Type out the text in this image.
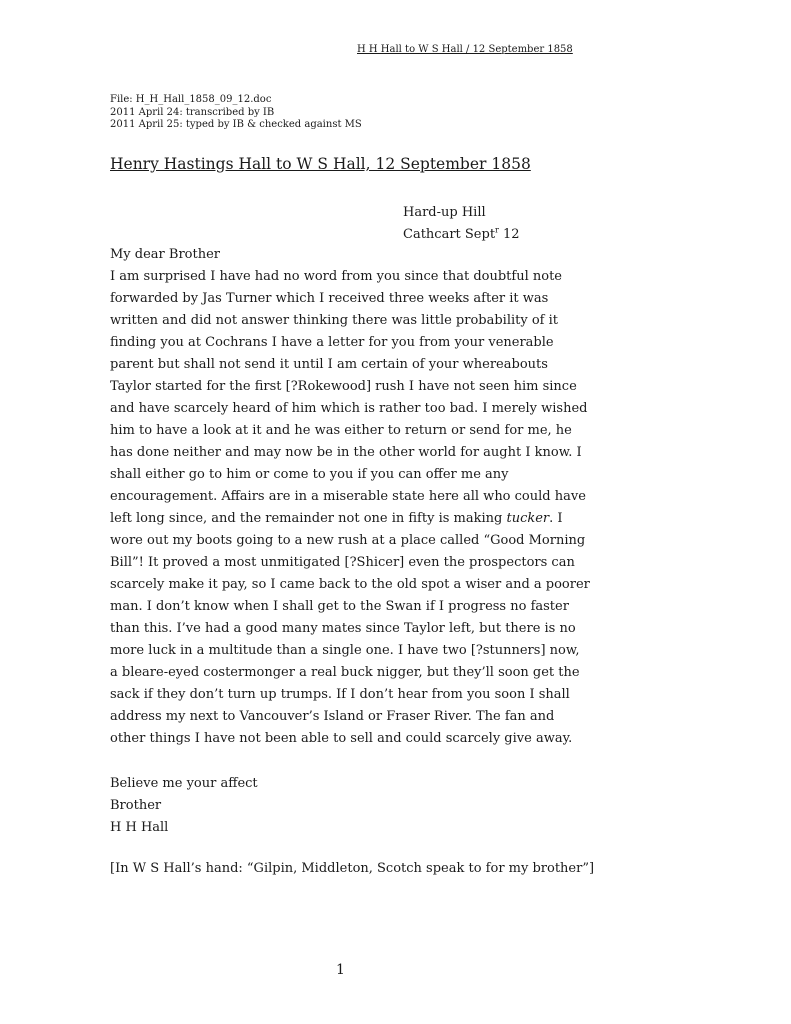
H H Hall to W S Hall / 12 September 1858
File: H_H_Hall_1858_09_12.doc
2011 April 24: transcribed by IB
2011 April 25: typed by IB & checked against MS
Henry Hastings Hall to W S Hall, 12 September 1858
Hard-up Hill
Cathcart Sept$^r$ 12
My dear Brother
I am surprised I have had no word from you since that doubtful note
forwarded by Jas Turner which I received three weeks after it was
written and did not answer thinking there was little probability of it
finding you at Cochrans I have a letter for you from your venerable
parent but shall not send it until I am certain of your whereabouts
Taylor started for the first [?Rokewood] rush I have not seen him since
and have scarcely heard of him which is rather too bad. I merely wished
him to have a look at it and he was either to return or send for me, he
has done neither and may now be in the other world for aught I know. I
shall either go to him or come to you if you can offer me any
encouragement. Affairs are in a miserable state here all who could have
left long since, and the remainder not one in fifty is making tucker. I
wore out my boots going to a new rush at a place called “Good Morning
Bill”! It proved a most unmitigated [?Shicer] even the prospectors can
scarcely make it pay, so I came back to the old spot a wiser and a poorer
man. I don’t know when I shall get to the Swan if I progress no faster
than this. I’ve had a good many mates since Taylor left, but there is no
more luck in a multitude than a single one. I have two [?stunners] now,
a bleare-eyed costermonger a real buck nigger, but they’ll soon get the
sack if they don’t turn up trumps. If I don’t hear from you soon I shall
address my next to Vancouver’s Island or Fraser River. The fan and
other things I have not been able to sell and could scarcely give away.
Believe me your affect
Brother
H H Hall
[In W S Hall’s hand: “Gilpin, Middleton, Scotch speak to for my brother”]
1
